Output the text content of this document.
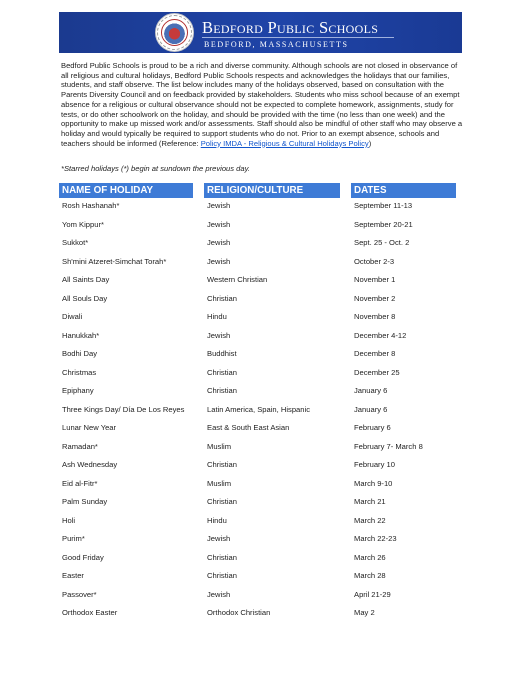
Bedford Public Schools
BEDFORD, MASSACHUSETTS

Bedford Public Schools is proud to be a rich and diverse community. Although schools are not closed in observance of all religious and cultural holidays, Bedford Public Schools respects and acknowledges the holidays that our families, students, and staff observe. The list below includes many of the holidays observed, based on consultation with the Parents Diversity Council and on feedback provided by stakeholders. Students who miss school because of an exempt absence for a religious or cultural observance should not be expected to complete homework, assignments, study for tests, or do other schoolwork on the holiday, and should be provided with the time (no less than one week) and the opportunity to make up missed work and/or assessments. Staff should also be mindful of other staff who may observe a holiday and would typically be required to support students who do not. Prior to an exempt absence, schools and teachers should be informed (Reference: Policy IMDA - Religious & Cultural Holidays Policy)

*Starred holidays (*) begin at sundown the previous day.

NAME OF HOLIDAY	RELIGION/CULTURE	DATES
Rosh Hashanah*	Jewish	September 11-13
Yom Kippur*	Jewish	September 20-21
Sukkot*	Jewish	Sept. 25 - Oct. 2
Sh'mini Atzeret-Simchat Torah*	Jewish	October 2-3
All Saints Day	Western Christian	November 1
All Souls Day	Christian	November 2
Diwali	Hindu	November 8
Hanukkah*	Jewish	December 4-12
Bodhi Day	Buddhist	December 8
Christmas	Christian	December 25
Epiphany	Christian	January 6
Three Kings Day/ Día De Los Reyes	Latin America, Spain, Hispanic	January 6
Lunar New Year	East & South East Asian	February 6
Ramadan*	Muslim	February 7- March 8
Ash Wednesday	Christian	February 10
Eid al-Fitr*	Muslim	March 9-10
Palm Sunday	Christian	March 21
Holi	Hindu	March 22
Purim*	Jewish	March 22-23
Good Friday	Christian	March 26
Easter	Christian	March 28
Passover*	Jewish	April 21-29
Orthodox Easter	Orthodox Christian	May 2
